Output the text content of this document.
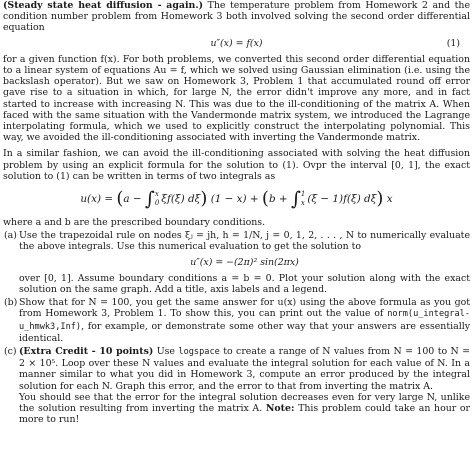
(Steady state heat diffusion - again.) The temperature problem from Homework 2 and the condition number problem from Homework 3 both involved solving the second order differential equation

u″(x) = f(x)	(1)

for a given function f(x). For both problems, we converted this second order differential equation to a linear system of equations Au = f, which we solved using Gaussian elimination (i.e. using the backslash operator). But we saw on Homework 3, Problem 1 that accumulated round off error gave rise to a situation in which, for large N, the error didn't improve any more, and in fact started to increase with increasing N. This was due to the ill-conditioning of the matrix A. When faced with the same situation with the Vandermonde matrix system, we introduced the Lagrange interpolating formula, which we used to explicitly construct the interpolating polynomial. This way, we avoided the ill-conditioning associated with inverting the Vandermonde matrix.

In a similar fashion, we can avoid the ill-conditioning associated with solving the heat diffusion problem by using an explicit formula for the solution to (1). Ovpr the interval [0, 1], the exact solution to (1) can be written in terms of two integrals as

u(x) = (a − ∫x
0 ξf(ξ) dξ) (1 − x) + (b + ∫1
x (ξ − 1)f(ξ) dξ) x

where a and b are the prescribed boundary conditions.

(a) Use the trapezoidal rule on nodes ξⱼ = jh, h = 1/N, j = 0, 1, 2, . . . , N to numerically evaluate the above integrals. Use this numerical evaluation to get the solution to

u″(x) = −(2π)² sin(2πx)

over [0, 1]. Assume boundary conditions a = b = 0. Plot your solution along with the exact solution on the same graph. Add a title, axis labels and a legend.

(b) Show that for N = 100, you get the same answer for u(x) using the above formula as you got from Homework 3, Problem 1. To show this, you can print out the value of norm(u_integral-u_hmwk3,Inf), for example, or demonstrate some other way that your answers are essentially identical.

(c) (Extra Credit - 10 points) Use logspace to create a range of N values from N = 100 to N = 2 × 10⁵. Loop over these N values and evaluate the integral solution for each value of N. In a manner similar to what you did in Homework 3, compute an error produced by the integral solution for each N. Graph this error, and the error to that from inverting the matrix A.

You should see that the error for the integral solution decreases even for very large N, unlike the solution resulting from inverting the matrix A. Note: This problem could take an hour or more to run!
